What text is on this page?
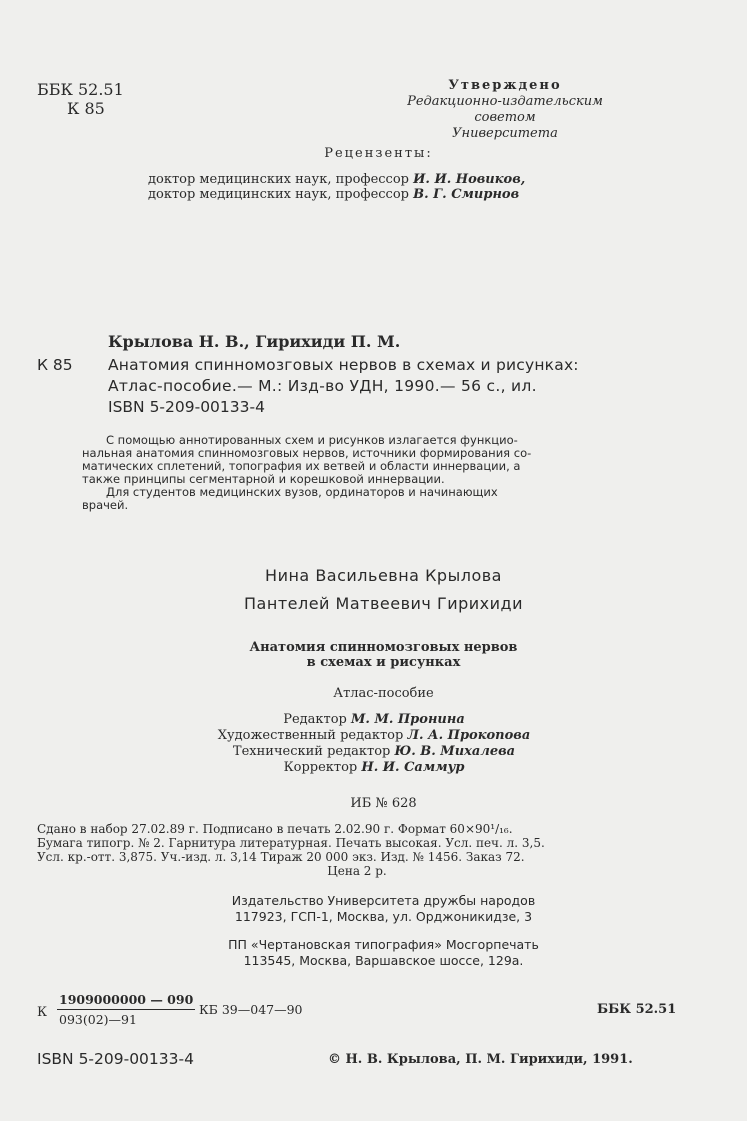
ББК 52.51
К 85
Утверждено
Редакционно-издательским советом
Университета
Рецензенты:
доктор медицинских наук, профессор И. И. Новиков,
доктор медицинских наук, профессор В. Г. Смирнов
Крылова Н. В., Гирихиди П. М.
К 85 Анатомия спинномозговых нервов в схемах и рисунках:
Атлас-пособие.— М.: Изд-во УДН, 1990.— 56 с., ил.
ISBN 5-209-00133-4
С помощью аннотированных схем и рисунков излагается функцио-
нальная анатомия спинномозговых нервов, источники формирования со-
матических сплетений, топография их ветвей и области иннервации, а
также принципы сегментарной и корешковой иннервации.
Для студентов медицинских вузов, ординаторов и начинающих
врачей.
Нина Васильевна Крылова
Пантелей Матвеевич Гирихиди
Анатомия спинномозговых нервов
в схемах и рисунках
Атлас-пособие
Редактор М. М. Пронина
Художественный редактор Л. А. Прокопова
Технический редактор Ю. В. Михалева
Корректор Н. И. Саммур
ИБ № 628
Сдано в набор 27.02.89 г. Подписано в печать 2.02.90 г. Формат 60×90¹/₁₆.
Бумага типогр. № 2. Гарнитура литературная. Печать высокая. Усл. печ. л. 3,5.
Усл. кр.-отт. 3,875. Уч.-изд. л. 3,14 Тираж 20 000 экз. Изд. № 1456. Заказ 72.
Цена 2 р.
Издательство Университета дружбы народов
117923, ГСП-1, Москва, ул. Орджоникидзе, 3
ПП «Чертановская типография» Мосгорпечать
113545, Москва, Варшавское шоссе, 129а.
К $\frac{1909000000 — 090}{093(02)—91}$ КБ 39—047—90	ББК 52.51
ISBN 5-209-00133-4	© Н. В. Крылова, П. М. Гирихиди, 1991.
